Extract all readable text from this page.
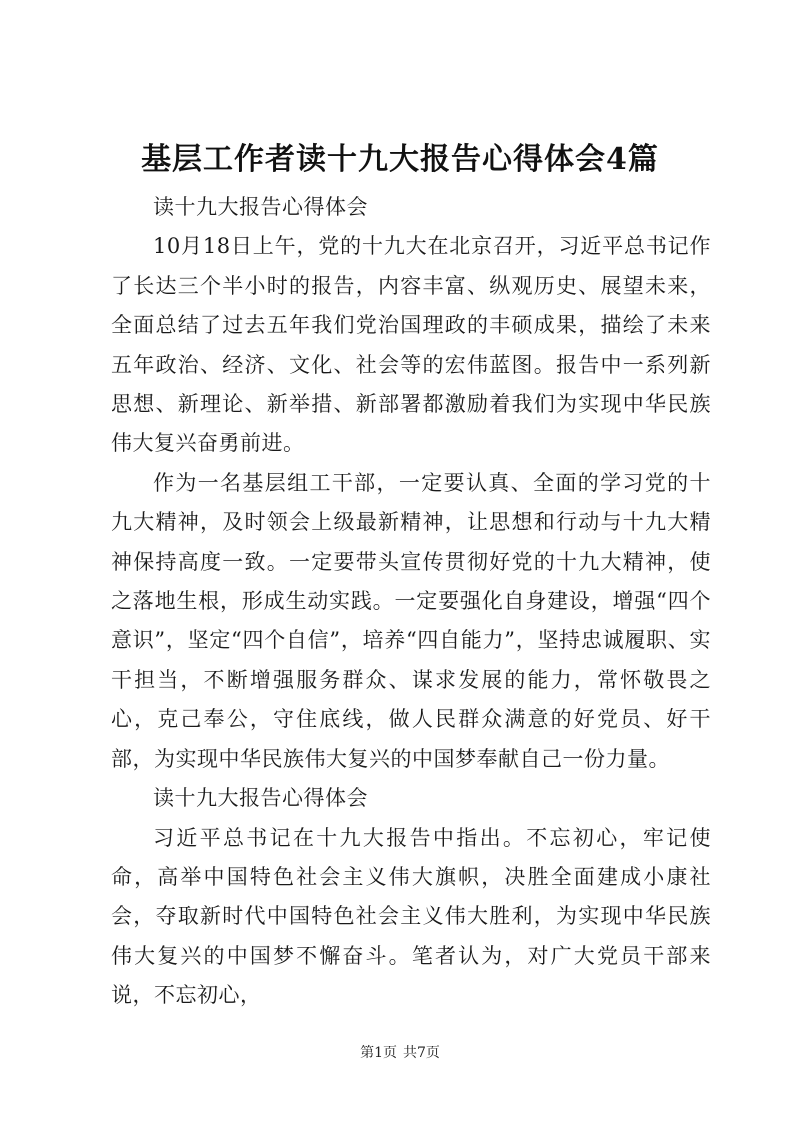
基层工作者读十九大报告心得体会4篇

读十九大报告心得体会

10月18日上午，党的十九大在北京召开，习近平总书记作了长达三个半小时的报告，内容丰富、纵观历史、展望未来，全面总结了过去五年我们党治国理政的丰硕成果，描绘了未来五年政治、经济、文化、社会等的宏伟蓝图。报告中一系列新思想、新理论、新举措、新部署都激励着我们为实现中华民族伟大复兴奋勇前进。

作为一名基层组工干部，一定要认真、全面的学习党的十九大精神，及时领会上级最新精神，让思想和行动与十九大精神保持高度一致。一定要带头宣传贯彻好党的十九大精神，使之落地生根，形成生动实践。一定要强化自身建设，增强“四个意识”，坚定“四个自信”，培养“四自能力”，坚持忠诚履职、实干担当，不断增强服务群众、谋求发展的能力，常怀敬畏之心，克己奉公，守住底线，做人民群众满意的好党员、好干部，为实现中华民族伟大复兴的中国梦奉献自己一份力量。

读十九大报告心得体会

习近平总书记在十九大报告中指出。不忘初心，牢记使命，高举中国特色社会主义伟大旗帜，决胜全面建成小康社会，夺取新时代中国特色社会主义伟大胜利，为实现中华民族伟大复兴的中国梦不懈奋斗。笔者认为，对广大党员干部来说，不忘初心，

第1页 共7页
